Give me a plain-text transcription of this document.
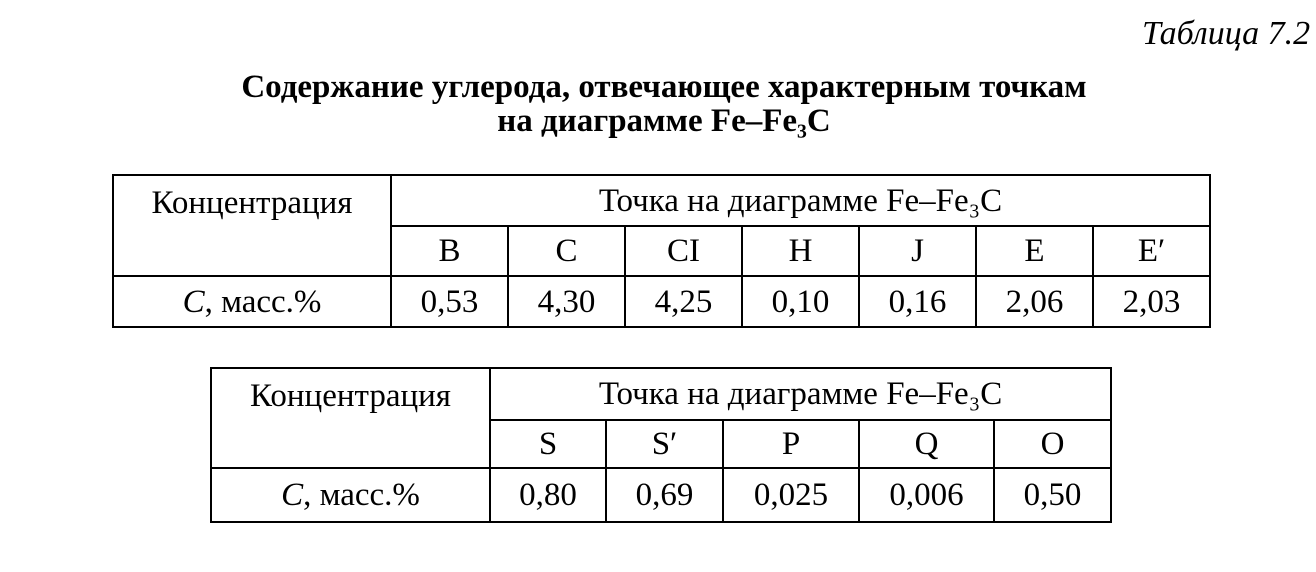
Таблица 7.2
Содержание углерода, отвечающее характерным точкам
на диаграмме Fe–Fe₃C
Концентрация	Точка на диаграмме Fe–Fe₃C						
	B	C	CI	H	J	E	E′
C, масс.%	0,53	4,30	4,25	0,10	0,16	2,06	2,03
Концентрация	Точка на диаграмме Fe–Fe₃C				
	S	S′	P	Q	O
C, масс.%	0,80	0,69	0,025	0,006	0,50
